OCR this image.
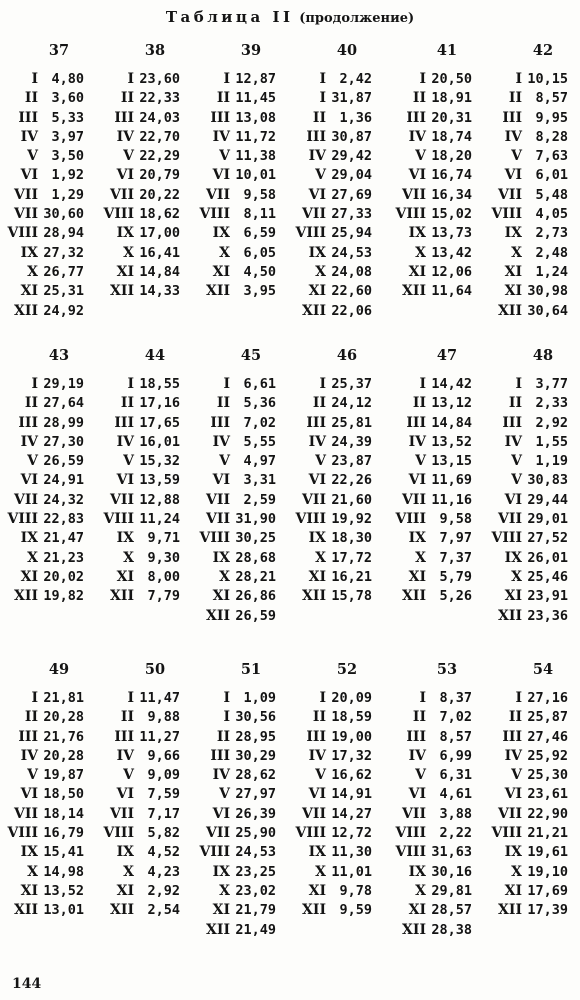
Таблица II (продолжение)
37
I 4,80
II 3,60
III 5,33
IV 3,97
V 3,50
VI 1,92
VII 1,29
VII 30,60
VIII 28,94
IX 27,32
X 26,77
XI 25,31
XII 24,92
38
I 23,60
II 22,33
III 24,03
IV 22,70
V 22,29
VI 20,79
VII 20,22
VIII 18,62
IX 17,00
X 16,41
XI 14,84
XII 14,33
39
I 12,87
II 11,45
III 13,08
IV 11,72
V 11,38
VI 10,01
VII 9,58
VIII 8,11
IX 6,59
X 6,05
XI 4,50
XII 3,95
40
I 2,42
I 31,87
II 1,36
III 30,87
IV 29,42
V 29,04
VI 27,69
VII 27,33
VIII 25,94
IX 24,53
X 24,08
XI 22,60
XII 22,06
41
I 20,50
II 18,91
III 20,31
IV 18,74
V 18,20
VI 16,74
VII 16,34
VIII 15,02
IX 13,73
X 13,42
XI 12,06
XII 11,64
42
I 10,15
II 8,57
III 9,95
IV 8,28
V 7,63
VI 6,01
VII 5,48
VIII 4,05
IX 2,73
X 2,48
XI 1,24
XI 30,98
XII 30,64
43
I 29,19
II 27,64
III 28,99
IV 27,30
V 26,59
VI 24,91
VII 24,32
VIII 22,83
IX 21,47
X 21,23
XI 20,02
XII 19,82
44
I 18,55
II 17,16
III 17,65
IV 16,01
V 15,32
VI 13,59
VII 12,88
VIII 11,24
IX 9,71
X 9,30
XI 8,00
XII 7,79
45
I 6,61
II 5,36
III 7,02
IV 5,55
V 4,97
VI 3,31
VII 2,59
VII 31,90
VIII 30,25
IX 28,68
X 28,21
XI 26,86
XII 26,59
46
I 25,37
II 24,12
III 25,81
IV 24,39
V 23,87
VI 22,26
VII 21,60
VIII 19,92
IX 18,30
X 17,72
XI 16,21
XII 15,78
47
I 14,42
II 13,12
III 14,84
IV 13,52
V 13,15
VI 11,69
VII 11,16
VIII 9,58
IX 7,97
X 7,37
XI 5,79
XII 5,26
48
I 3,77
II 2,33
III 2,92
IV 1,55
V 1,19
V 30,83
VI 29,44
VII 29,01
VIII 27,52
IX 26,01
X 25,46
XI 23,91
XII 23,36
49
I 21,81
II 20,28
III 21,76
IV 20,28
V 19,87
VI 18,50
VII 18,14
VIII 16,79
IX 15,41
X 14,98
XI 13,52
XII 13,01
50
I 11,47
II 9,88
III 11,27
IV 9,66
V 9,09
VI 7,59
VII 7,17
VIII 5,82
IX 4,52
X 4,23
XI 2,92
XII 2,54
51
I 1,09
I 30,56
II 28,95
III 30,29
IV 28,62
V 27,97
VI 26,39
VII 25,90
VIII 24,53
IX 23,25
X 23,02
XI 21,79
XII 21,49
52
I 20,09
II 18,59
III 19,00
IV 17,32
V 16,62
VI 14,91
VII 14,27
VIII 12,72
IX 11,30
X 11,01
XI 9,78
XII 9,59
53
I 8,37
II 7,02
III 8,57
IV 6,99
V 6,31
VI 4,61
VII 3,88
VIII 2,22
VIII 31,63
IX 30,16
X 29,81
XI 28,57
XII 28,38
54
I 27,16
II 25,87
III 27,46
IV 25,92
V 25,30
VI 23,61
VII 22,90
VIII 21,21
IX 19,61
X 19,10
XI 17,69
XII 17,39
144
